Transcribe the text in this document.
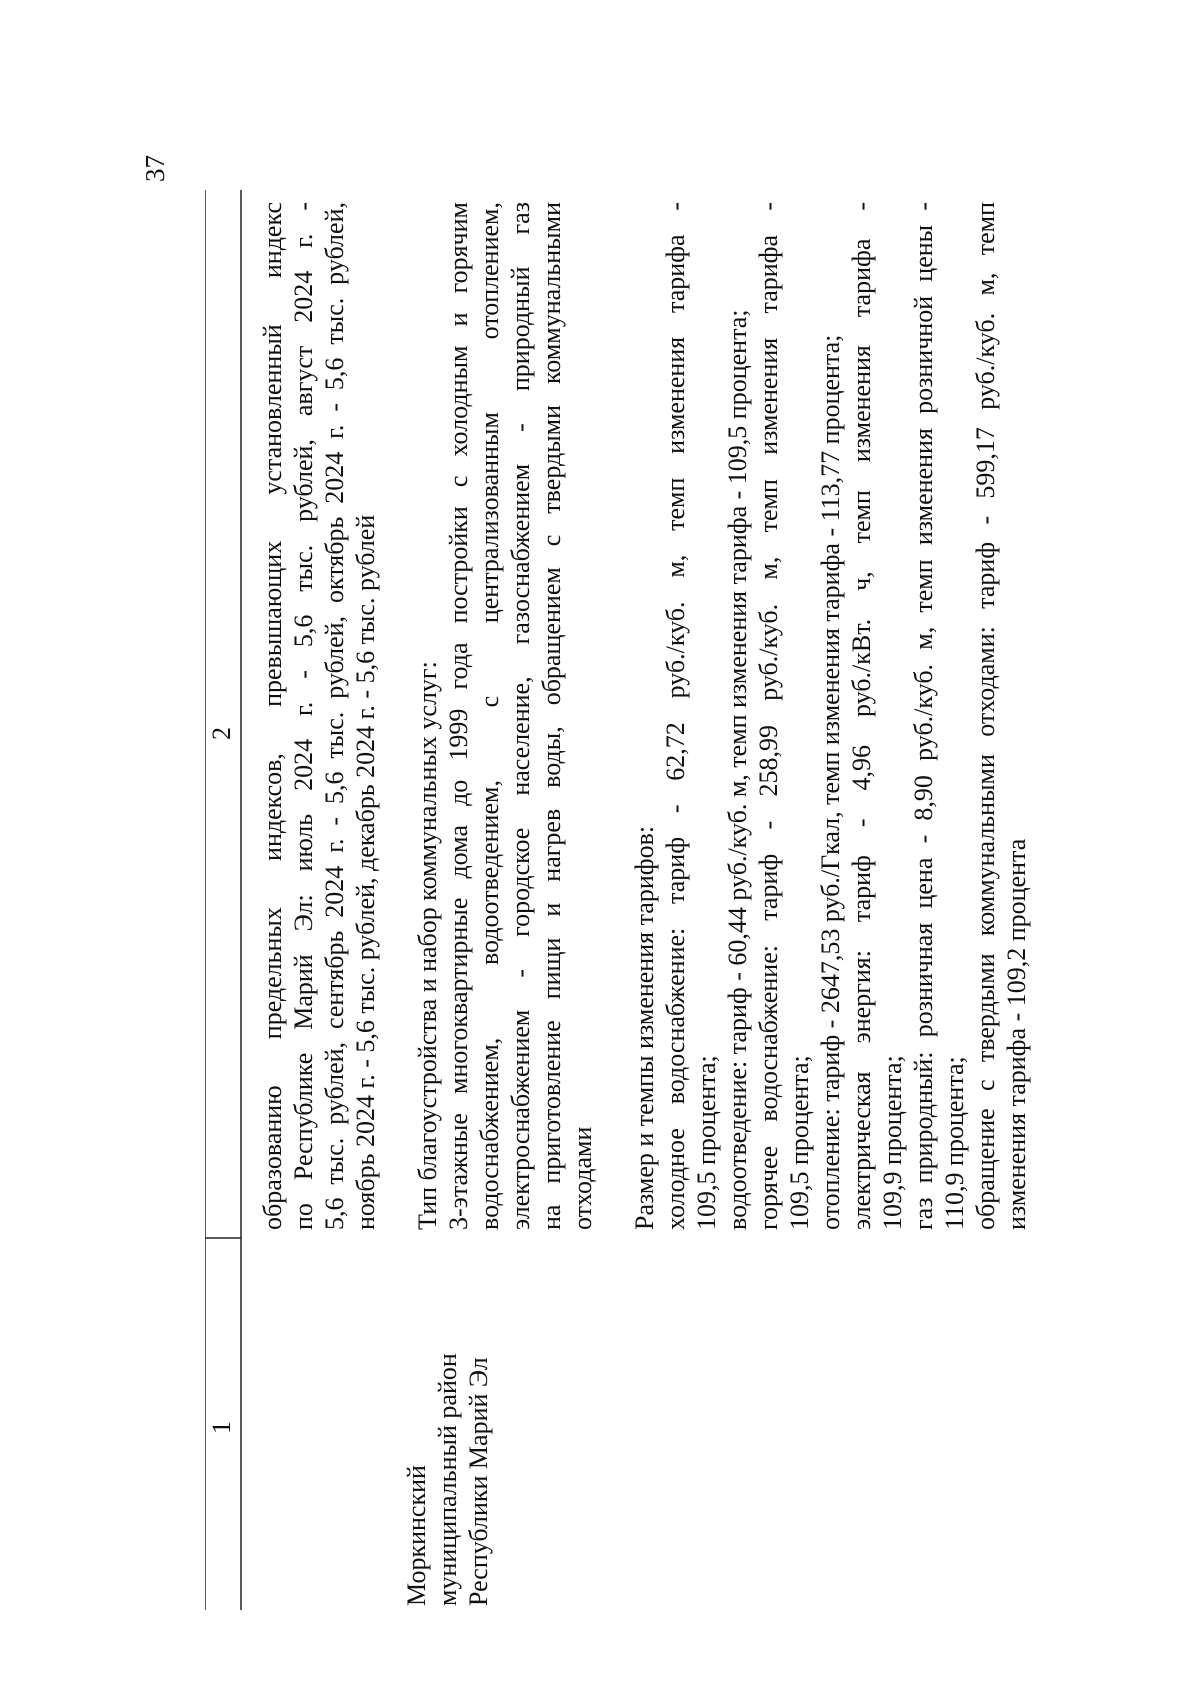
37
1
2 образованию предельных индексов, превышающих установленный индекс по Республике Марий Эл: июль 2024 г. - 5,6 тыс. рублей, август 2024 г. - 5,6 тыс. рублей, сентябрь 2024 г. - 5,6 тыс. рублей, октябрь 2024 г. - 5,6 тыс. рублей, ноябрь 2024 г. - 5,6 тыс. рублей, декабрь 2024 г. - 5,6 тыс. рублей Тип благоустройства и набор коммунальных услуг: 3-этажные многоквартирные дома до 1999 года постройки с холодным и горячим водоснабжением, водоотведением, с централизованным отоплением, электроснабжением - городское население, газоснабжением - природный газ на приготовление пищи и нагрев воды, обращением с твердыми коммунальными отходами Размер и темпы изменения тарифов: холодное водоснабжение: тариф - 62,72 руб./куб. м, темп изменения тарифа - 109,5 процента; водоотведение: тариф - 60,44 руб./куб. м, темп изменения тарифа - 109,5 процента; горячее водоснабжение: тариф - 258,99 руб./куб. м, темп изменения тарифа - 109,5 процента; отопление: тариф - 2647,53 руб./Гкал, темп изменения тарифа - 113,77 процента; электрическая энергия: тариф - 4,96 руб./кВт. ч, темп изменения тарифа - 109,9 процента; газ природный: розничная цена - 8,90 руб./куб. м, темп изменения розничной цены - 110,9 процента; обращение с твердыми коммунальными отходами: тариф - 599,17 руб./куб. м, темп изменения тарифа - 109,2 процента
Моркинский муниципальный район Республики Марий Эл
